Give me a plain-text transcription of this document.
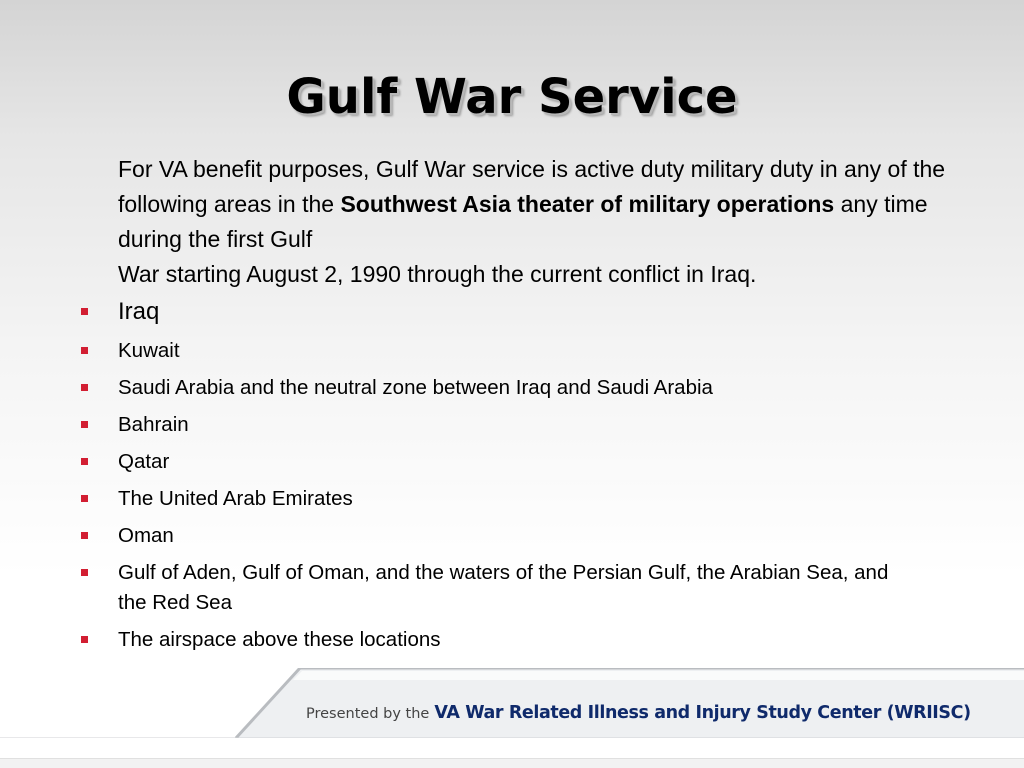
Gulf War Service

For VA benefit purposes, Gulf War service is active duty military duty in any of the following areas in the Southwest Asia theater of military operations any time during the first Gulf
War starting August 2, 1990 through the current conflict in Iraq.

Iraq
Kuwait
Saudi Arabia and the neutral zone between Iraq and Saudi Arabia
Bahrain
Qatar
The United Arab Emirates
Oman
Gulf of Aden, Gulf of Oman, and the waters of the Persian Gulf, the Arabian Sea, and the Red Sea
The airspace above these locations
Presented by the VA War Related Illness and Injury Study Center (WRIISC)
